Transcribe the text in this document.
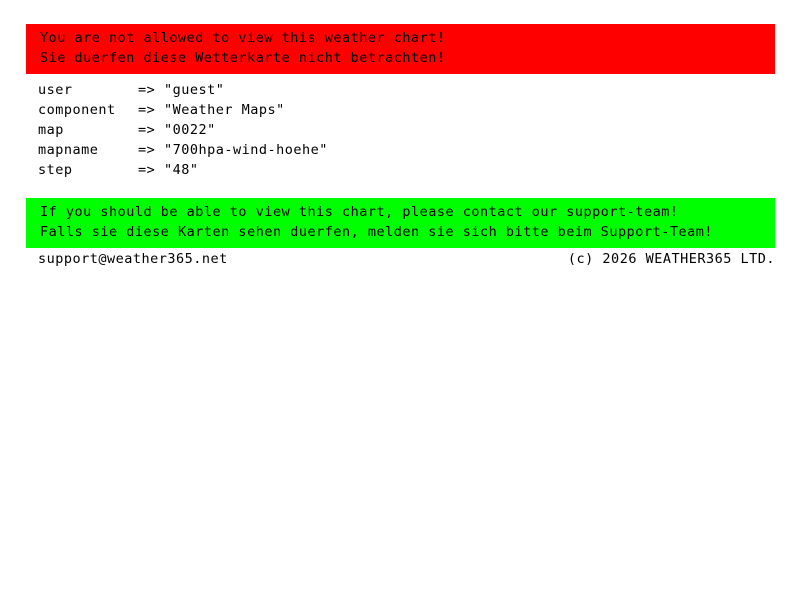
You are not allowed to view this weather chart!
Sie duerfen diese Wetterkarte nicht betrachten!
user	=> "guest"
component	=> "Weather Maps"
map	=> "0022"
mapname	=> "700hpa-wind-hoehe"
step	=> "48"
If you should be able to view this chart, please contact our support-team!
Falls sie diese Karten sehen duerfen, melden sie sich bitte beim Support-Team!
support@weather365.net	(c) 2026 WEATHER365 LTD.
